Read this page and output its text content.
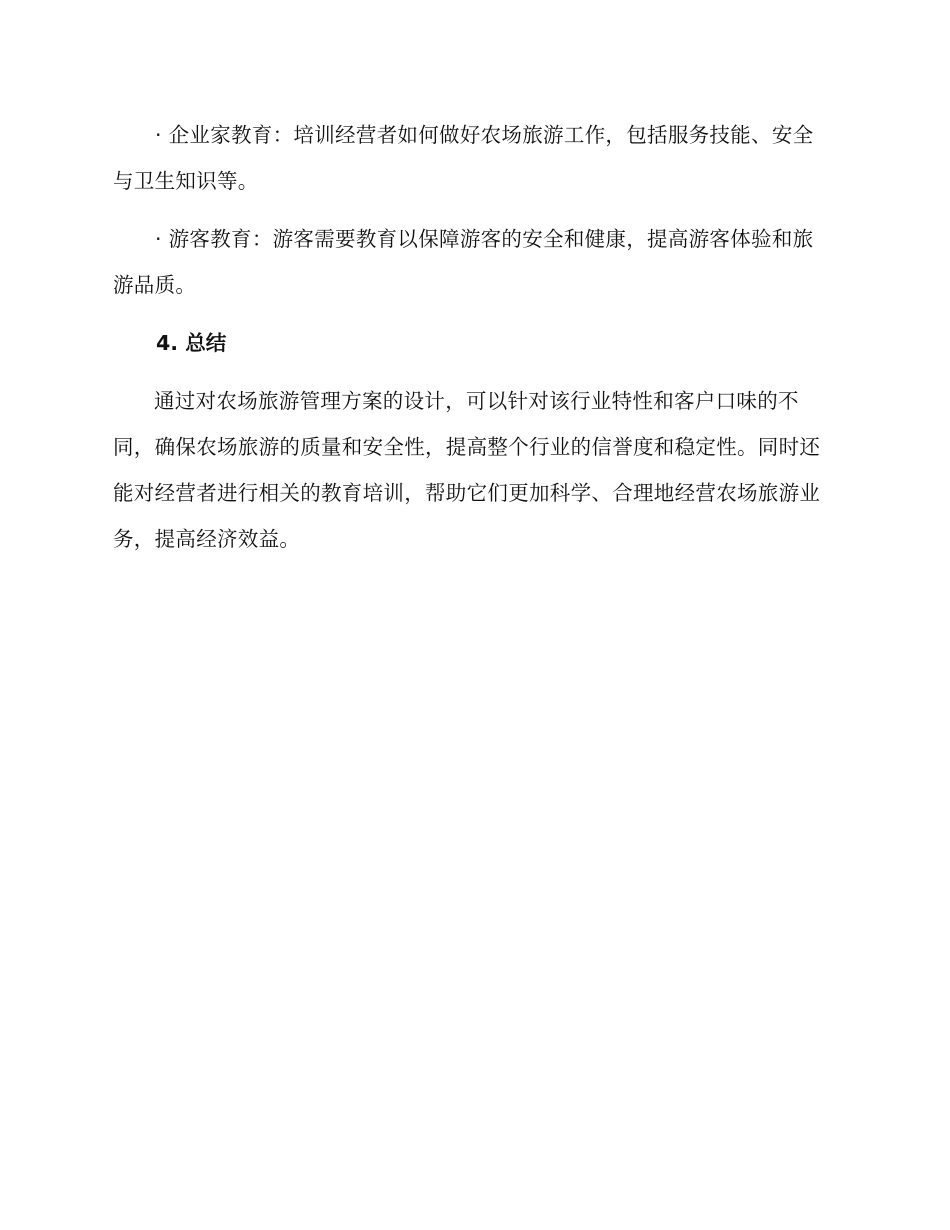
· 企业家教育：培训经营者如何做好农场旅游工作，包括服务技能、安全与卫生知识等。

· 游客教育：游客需要教育以保障游客的安全和健康，提高游客体验和旅游品质。

4. 总结

通过对农场旅游管理方案的设计，可以针对该行业特性和客户口味的不同，确保农场旅游的质量和安全性，提高整个行业的信誉度和稳定性。同时还能对经营者进行相关的教育培训，帮助它们更加科学、合理地经营农场旅游业务，提高经济效益。
